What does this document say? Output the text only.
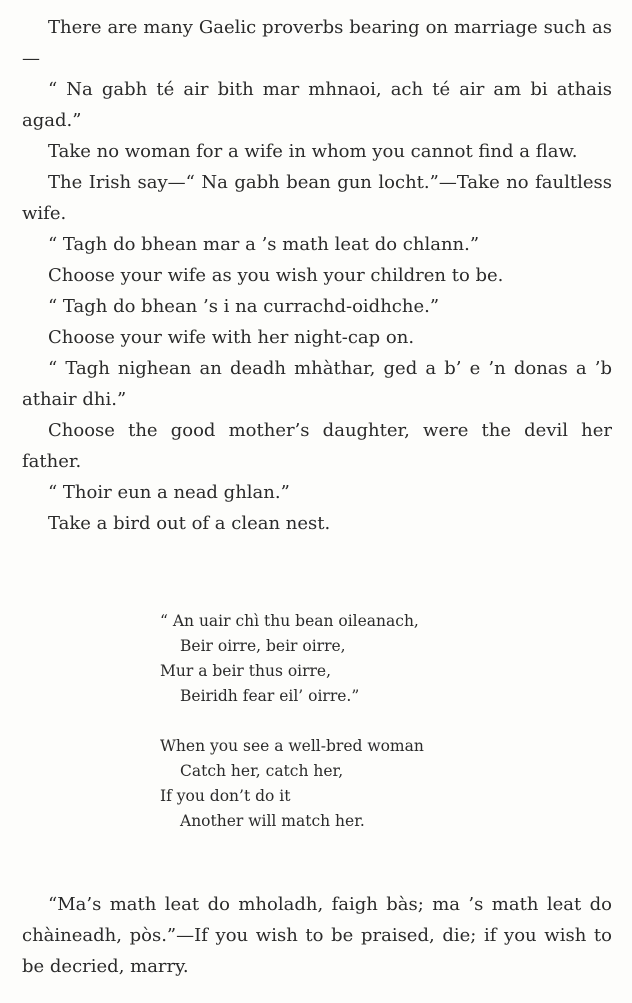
There are many Gaelic proverbs bearing on marriage such as—

“ Na gabh té air bith mar mhnaoi, ach té air am bi athais agad.”

Take no woman for a wife in whom you cannot find a flaw.

The Irish say—“ Na gabh bean gun locht.”—Take no faultless wife.

“ Tagh do bhean mar a ’s math leat do chlann.”

Choose your wife as you wish your children to be.

“ Tagh do bhean ’s i na currachd-oidhche.”

Choose your wife with her night-cap on.

“ Tagh nighean an deadh mhàthar, ged a b’ e ’n donas a ’b athair dhi.”

Choose the good mother’s daughter, were the devil her father.

“ Thoir eun a nead ghlan.”

Take a bird out of a clean nest.

“ An uair chì thu bean oileanach,
Beir oirre, beir oirre,
Mur a beir thus oirre,
Beiridh fear eil’ oirre.”
When you see a well-bred woman
Catch her, catch her,
If you don’t do it
Another will match her.

“Ma’s math leat do mholadh, faigh bàs; ma ’s math leat do chàineadh, pòs.”—If you wish to be praised, die; if you wish to be decried, marry.
